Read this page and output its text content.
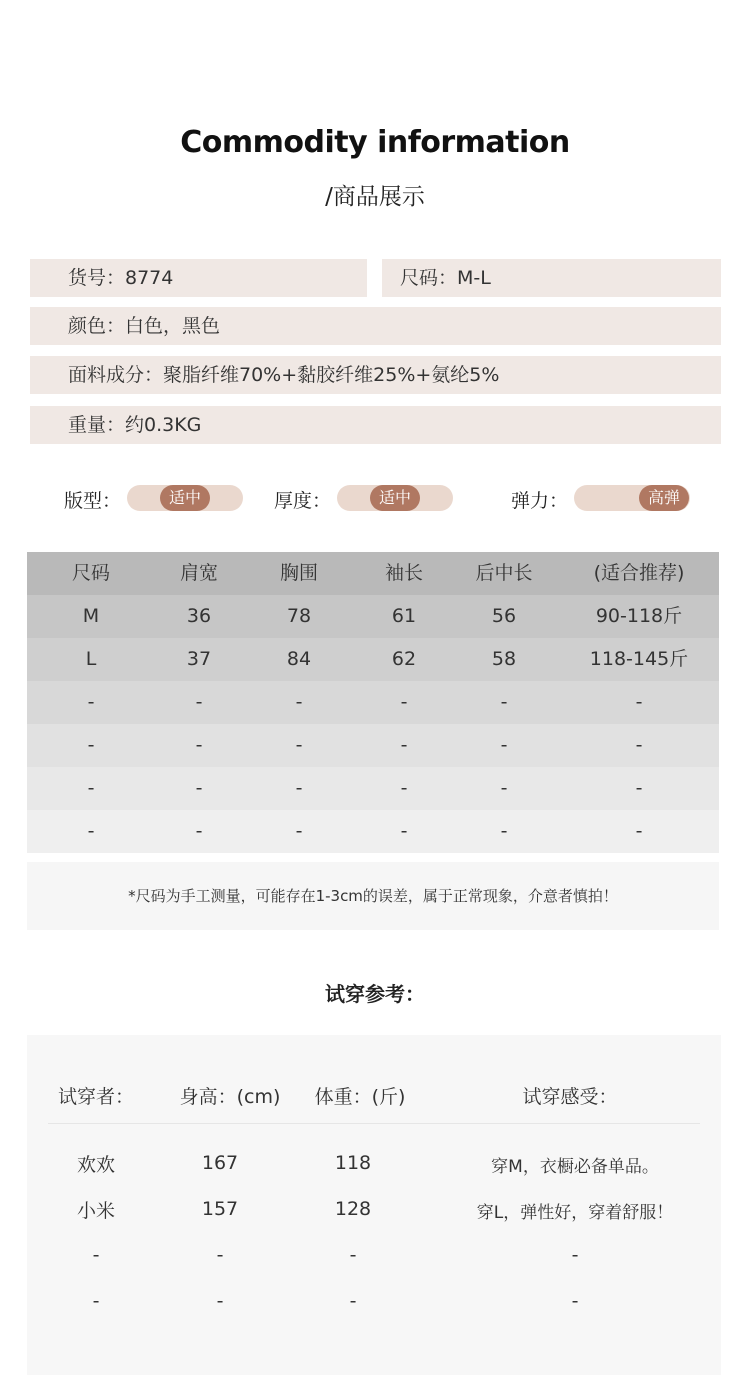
Commodity information
/商品展示
货号：8774	尺码：M-L
颜色：白色，黑色
面料成分：聚脂纤维70%+黏胶纤维25%+氨纶5%
重量：约0.3KG
版型：	适中	厚度：	适中	弹力：	高弹
尺码	肩宽	胸围	袖长	后中长	(适合推荐)
M	36	78	61	56	90-118斤
L	37	84	62	58	118-145斤
-	-	-	-	-	-
-	-	-	-	-	-
-	-	-	-	-	-
-	-	-	-	-	-
*尺码为手工测量，可能存在1-3cm的误差，属于正常现象，介意者慎拍！
试穿参考：
试穿者：	身高：(cm)	体重：(斤)	试穿感受：
欢欢	167	118	穿M，衣橱必备单品。
小米	157	128	穿L，弹性好，穿着舒服！
-	-	-	-
-	-	-	-
